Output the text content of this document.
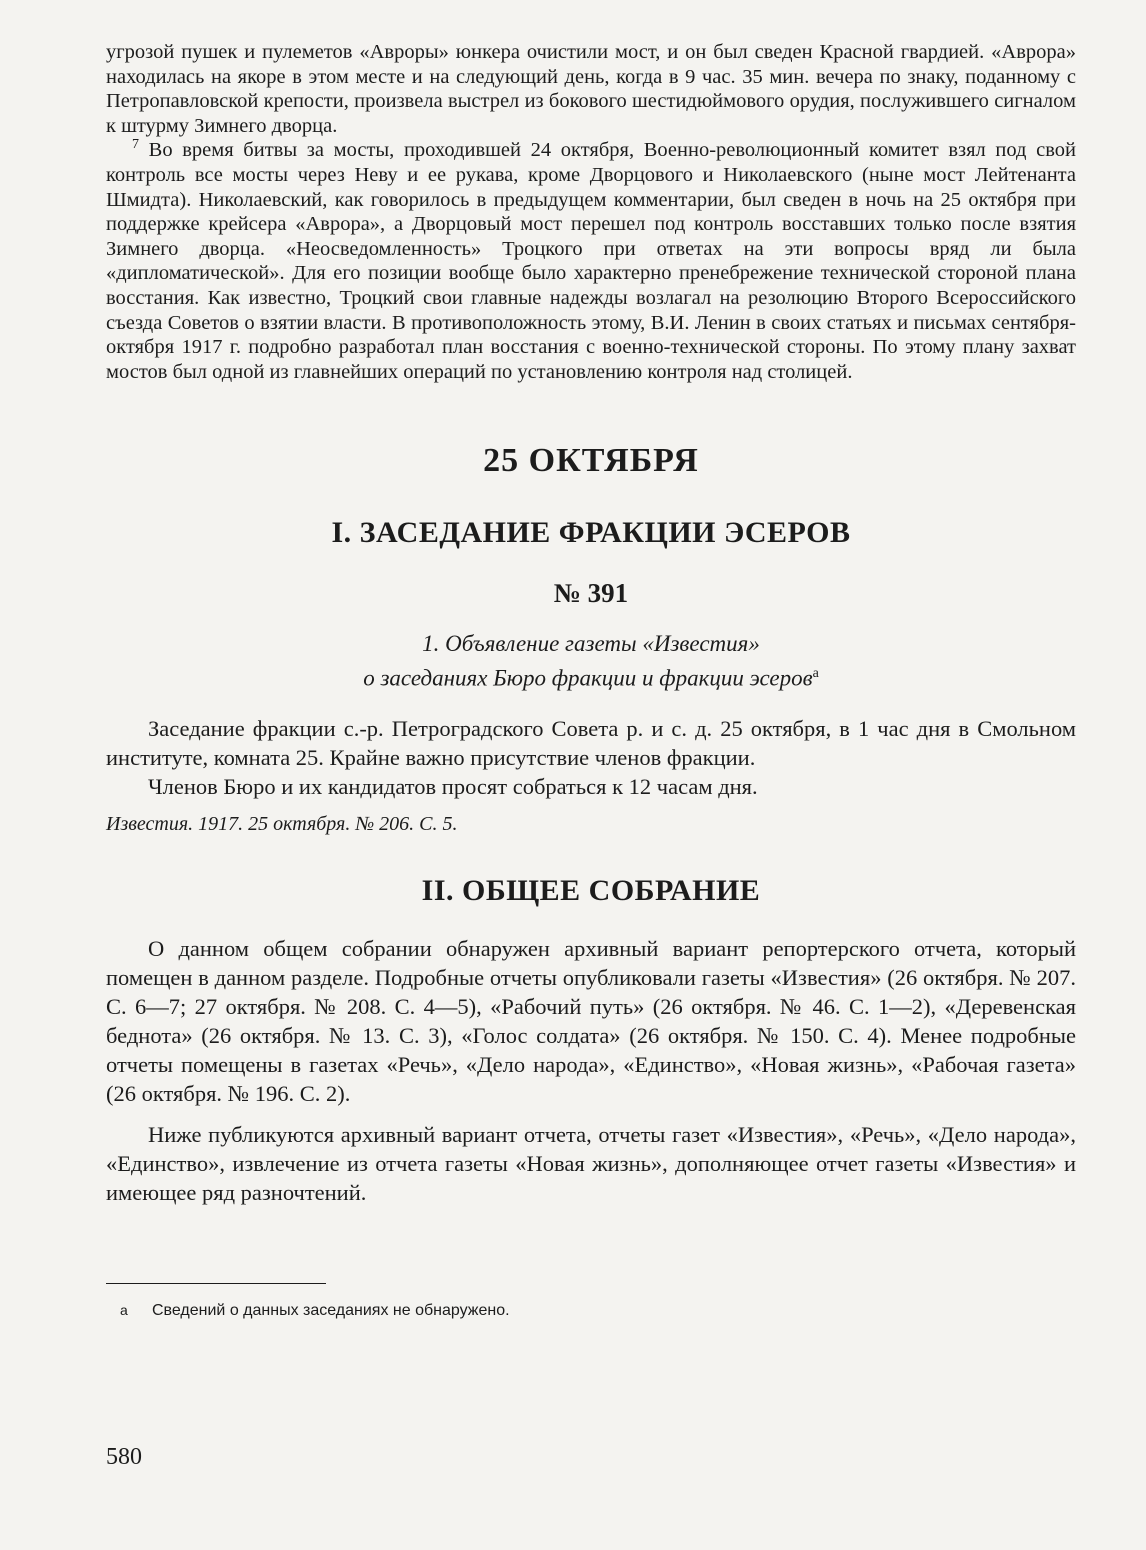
угрозой пушек и пулеметов «Авроры» юнкера очистили мост, и он был сведен Красной гвардией. «Аврора» находилась на якоре в этом месте и на следующий день, когда в 9 час. 35 мин. вечера по знаку, поданному с Петропавловской крепости, произвела выстрел из бокового шестидюймового орудия, послужившего сигналом к штурму Зимнего дворца.

$^7$ Во время битвы за мосты, проходившей 24 октября, Военно-революционный комитет взял под свой контроль все мосты через Неву и ее рукава, кроме Дворцового и Николаевского (ныне мост Лейтенанта Шмидта). Николаевский, как говорилось в предыдущем комментарии, был сведен в ночь на 25 октября при поддержке крейсера «Аврора», а Дворцовый мост перешел под контроль восставших только после взятия Зимнего дворца. «Неосведомленность» Троцкого при ответах на эти вопросы вряд ли была «дипломатической». Для его позиции вообще было характерно пренебрежение технической стороной плана восстания. Как известно, Троцкий свои главные надежды возлагал на резолюцию Второго Всероссийского съезда Советов о взятии власти. В противоположность этому, В.И. Ленин в своих статьях и письмах сентября-октября 1917 г. подробно разработал план восстания с военно-технической стороны. По этому плану захват мостов был одной из главнейших операций по установлению контроля над столицей.

25 ОКТЯБРЯ
I. ЗАСЕДАНИЕ ФРАКЦИИ ЭСЕРОВ
№ 391
1. Объявление газеты «Известия»
о заседаниях Бюро фракции и фракции эсеров$^а$

Заседание фракции с.-р. Петроградского Совета р. и с. д. 25 октября, в 1 час дня в Смольном институте, комната 25. Крайне важно присутствие членов фракции.

Членов Бюро и их кандидатов просят собраться к 12 часам дня.

Известия. 1917. 25 октября. № 206. С. 5.
II. ОБЩЕЕ СОБРАНИЕ

О данном общем собрании обнаружен архивный вариант репортерского отчета, который помещен в данном разделе. Подробные отчеты опубликовали газеты «Известия» (26 октября. № 207. С. 6—7; 27 октября. № 208. С. 4—5), «Рабочий путь» (26 октября. № 46. С. 1—2), «Деревенская беднота» (26 октября. № 13. С. 3), «Голос солдата» (26 октября. № 150. С. 4). Менее подробные отчеты помещены в газетах «Речь», «Дело народа», «Единство», «Новая жизнь», «Рабочая газета» (26 октября. № 196. С. 2).

Ниже публикуются архивный вариант отчета, отчеты газет «Известия», «Речь», «Дело народа», «Единство», извлечение из отчета газеты «Новая жизнь», дополняющее отчет газеты «Известия» и имеющее ряд разночтений.

а Сведений о данных заседаниях не обнаружено.
580
